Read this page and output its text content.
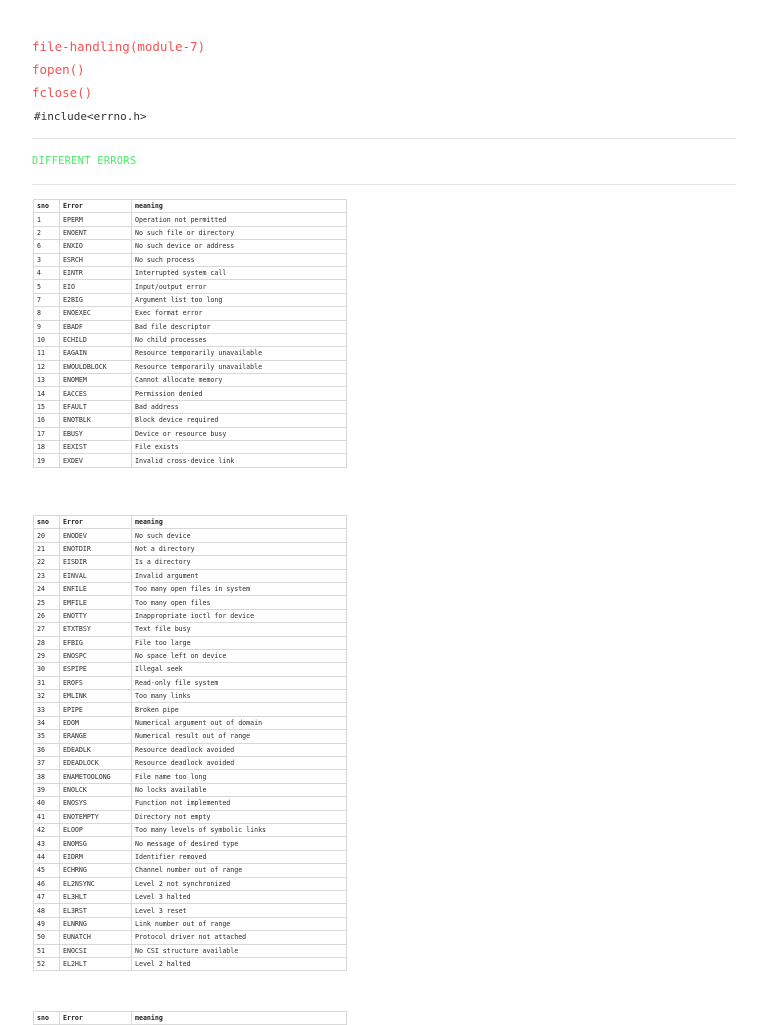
file-handling(module-7)
fopen()
fclose()
#include<errno.h>
DIFFERENT ERRORS
sno	Error	meaning
1	EPERM	Operation not permitted
2	ENOENT	No such file or directory
6	ENXIO	No such device or address
3	ESRCH	No such process
4	EINTR	Interrupted system call
5	EIO	Input/output error
7	E2BIG	Argument list too long
8	ENOEXEC	Exec format error
9	EBADF	Bad file descriptor
10	ECHILD	No child processes
11	EAGAIN	Resource temporarily unavailable
12	EWOULDBLOCK	Resource temporarily unavailable
13	ENOMEM	Cannot allocate memory
14	EACCES	Permission denied
15	EFAULT	Bad address
16	ENOTBLK	Block device required
17	EBUSY	Device or resource busy
18	EEXIST	File exists
19	EXDEV	Invalid cross-device link
sno	Error	meaning
20	ENODEV	No such device
21	ENOTDIR	Not a directory
22	EISDIR	Is a directory
23	EINVAL	Invalid argument
24	ENFILE	Too many open files in system
25	EMFILE	Too many open files
26	ENOTTY	Inappropriate ioctl for device
27	ETXTBSY	Text file busy
28	EFBIG	File too large
29	ENOSPC	No space left on device
30	ESPIPE	Illegal seek
31	EROFS	Read-only file system
32	EMLINK	Too many links
33	EPIPE	Broken pipe
34	EDOM	Numerical argument out of domain
35	ERANGE	Numerical result out of range
36	EDEADLK	Resource deadlock avoided
37	EDEADLOCK	Resource deadlock avoided
38	ENAMETOOLONG	File name too long
39	ENOLCK	No locks available
40	ENOSYS	Function not implemented
41	ENOTEMPTY	Directory not empty
42	ELOOP	Too many levels of symbolic links
43	ENOMSG	No message of desired type
44	EIDRM	Identifier removed
45	ECHRNG	Channel number out of range
46	EL2NSYNC	Level 2 not synchronized
47	EL3HLT	Level 3 halted
48	EL3RST	Level 3 reset
49	ELNRNG	Link number out of range
50	EUNATCH	Protocol driver not attached
51	ENOCSI	No CSI structure available
52	EL2HLT	Level 2 halted
sno	Error	meaning
